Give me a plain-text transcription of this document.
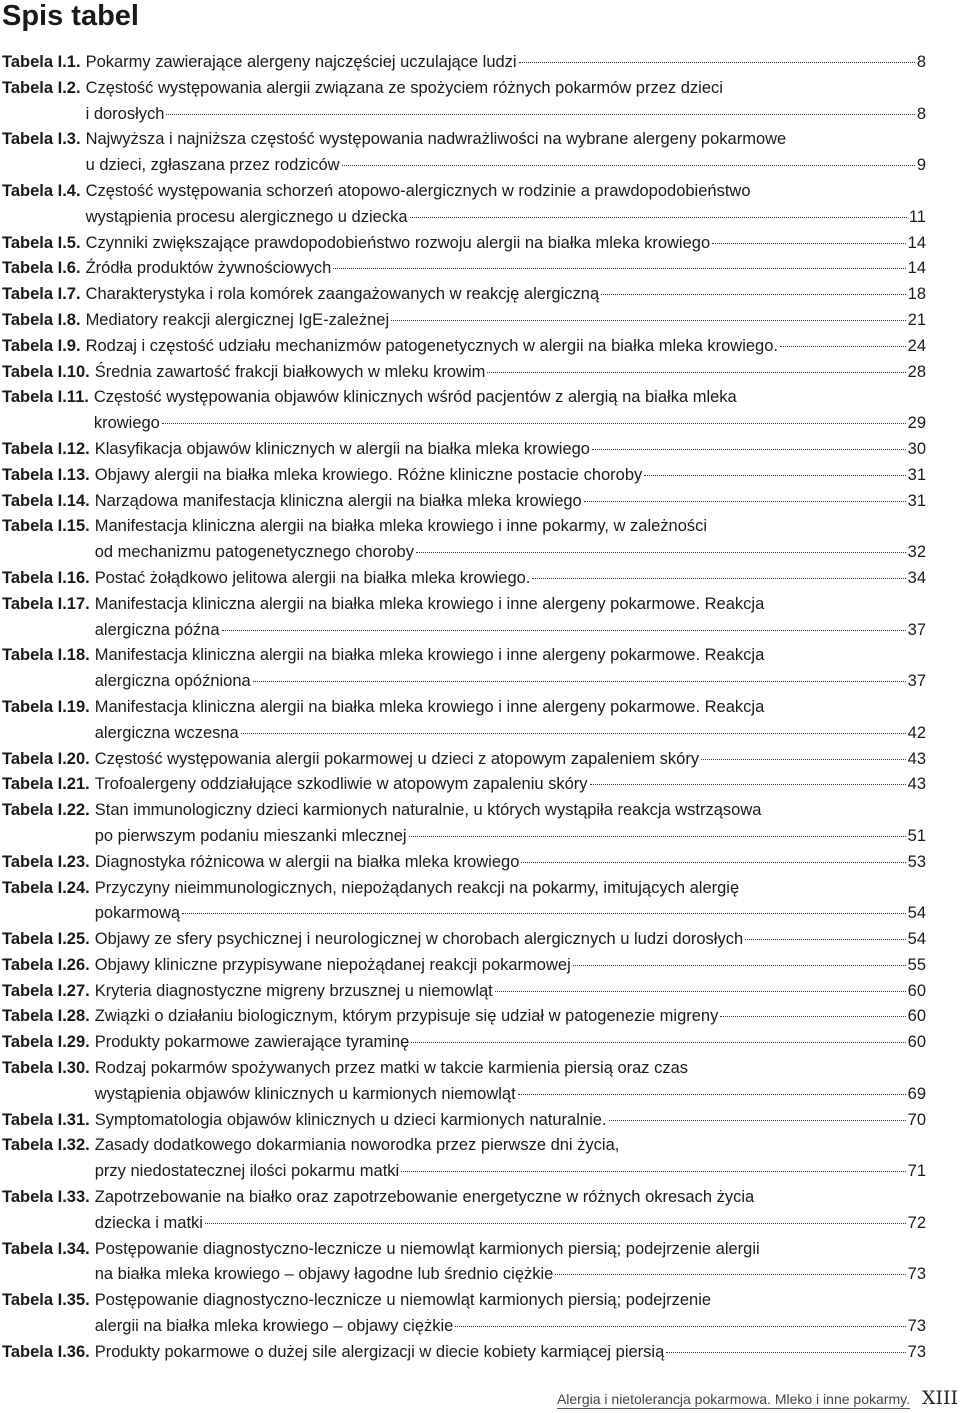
Spis tabel
Tabela I.1. Pokarmy zawierające alergeny najczęściej uczulające ludzi	8
Tabela I.2. Częstość występowania alergii związana ze spożyciem różnych pokarmów przez dzieci
i dorosłych	8
Tabela I.3. Najwyższa i najniższa częstość występowania nadwrażliwości na wybrane alergeny pokarmowe
u dzieci, zgłaszana przez rodziców	9
Tabela I.4. Częstość występowania schorzeń atopowo-alergicznych w rodzinie a prawdopodobieństwo
wystąpienia procesu alergicznego u dziecka	11
Tabela I.5. Czynniki zwiększające prawdopodobieństwo rozwoju alergii na białka mleka krowiego	14
Tabela I.6. Źródła produktów żywnościowych	14
Tabela I.7. Charakterystyka i rola komórek zaangażowanych w reakcję alergiczną	18
Tabela I.8. Mediatory reakcji alergicznej IgE-zależnej	21
Tabela I.9. Rodzaj i częstość udziału mechanizmów patogenetycznych w alergii na białka mleka krowiego.	24
Tabela I.10. Średnia zawartość frakcji białkowych w mleku krowim	28
Tabela I.11. Częstość występowania objawów klinicznych wśród pacjentów z alergią na białka mleka
krowiego	29
Tabela I.12. Klasyfikacja objawów klinicznych w alergii na białka mleka krowiego	30
Tabela I.13. Objawy alergii na białka mleka krowiego. Różne kliniczne postacie choroby	31
Tabela I.14. Narządowa manifestacja kliniczna alergii na białka mleka krowiego	31
Tabela I.15. Manifestacja kliniczna alergii na białka mleka krowiego i inne pokarmy, w zależności
od mechanizmu patogenetycznego choroby	32
Tabela I.16. Postać żołądkowo jelitowa alergii na białka mleka krowiego.	34
Tabela I.17. Manifestacja kliniczna alergii na białka mleka krowiego i inne alergeny pokarmowe. Reakcja
alergiczna późna	37
Tabela I.18. Manifestacja kliniczna alergii na białka mleka krowiego i inne alergeny pokarmowe. Reakcja
alergiczna opóźniona	37
Tabela I.19. Manifestacja kliniczna alergii na białka mleka krowiego i inne alergeny pokarmowe. Reakcja
alergiczna wczesna	42
Tabela I.20. Częstość występowania alergii pokarmowej u dzieci z atopowym zapaleniem skóry	43
Tabela I.21. Trofoalergeny oddziałujące szkodliwie w atopowym zapaleniu skóry	43
Tabela I.22. Stan immunologiczny dzieci karmionych naturalnie, u których wystąpiła reakcja wstrząsowa
po pierwszym podaniu mieszanki mlecznej	51
Tabela I.23. Diagnostyka różnicowa w alergii na białka mleka krowiego	53
Tabela I.24. Przyczyny nieimmunologicznych, niepożądanych reakcji na pokarmy, imitujących alergię
pokarmową	54
Tabela I.25. Objawy ze sfery psychicznej i neurologicznej w chorobach alergicznych u ludzi dorosłych	54
Tabela I.26. Objawy kliniczne przypisywane niepożądanej reakcji pokarmowej	55
Tabela I.27. Kryteria diagnostyczne migreny brzusznej u niemowląt	60
Tabela I.28. Związki o działaniu biologicznym, którym przypisuje się udział w patogenezie migreny	60
Tabela I.29. Produkty pokarmowe zawierające tyraminę	60
Tabela I.30. Rodzaj pokarmów spożywanych przez matki w takcie karmienia piersią oraz czas
wystąpienia objawów klinicznych u karmionych niemowląt	69
Tabela I.31. Symptomatologia objawów klinicznych u dzieci karmionych naturalnie.	70
Tabela I.32. Zasady dodatkowego dokarmiania noworodka przez pierwsze dni życia,
przy niedostatecznej ilości pokarmu matki	71
Tabela I.33. Zapotrzebowanie na białko oraz zapotrzebowanie energetyczne w różnych okresach życia
dziecka i matki	72
Tabela I.34. Postępowanie diagnostyczno-lecznicze u niemowląt karmionych piersią; podejrzenie alergii
na białka mleka krowiego – objawy łagodne lub średnio ciężkie	73
Tabela I.35. Postępowanie diagnostyczno-lecznicze u niemowląt karmionych piersią; podejrzenie
alergii na białka mleka krowiego – objawy ciężkie	73
Tabela I.36. Produkty pokarmowe o dużej sile alergizacji w diecie kobiety karmiącej piersią	73
Alergia i nietolerancja pokarmowa. Mleko i inne pokarmy. XIII
